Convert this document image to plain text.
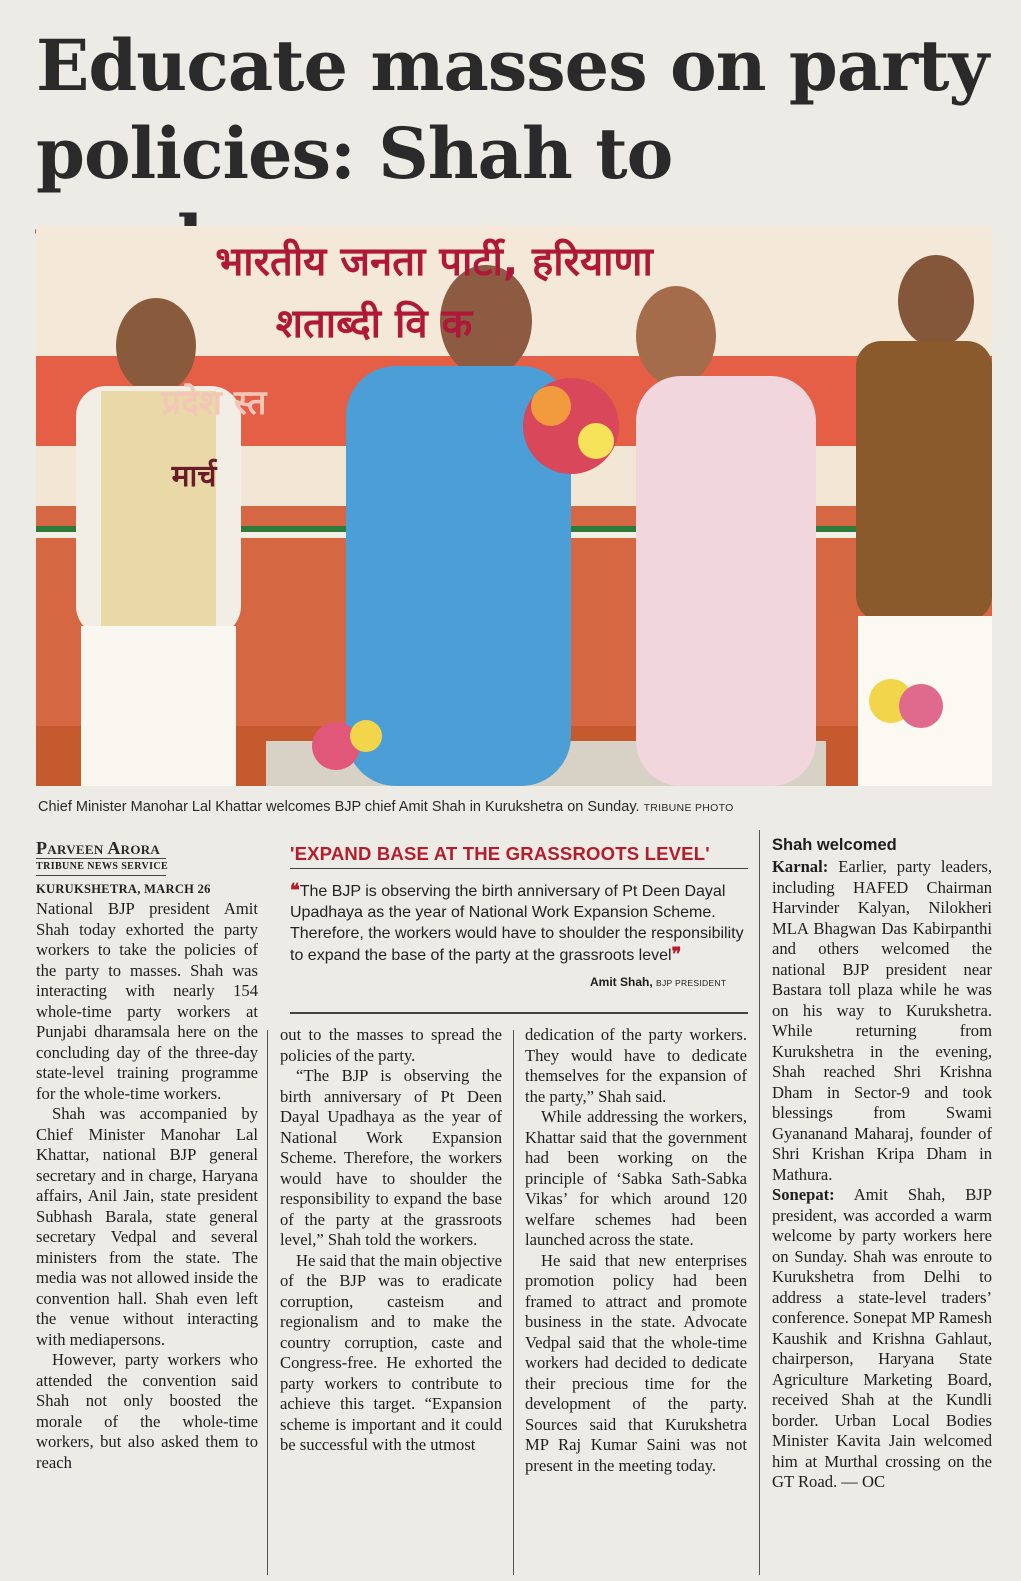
Educate masses on party policies: Shah to
भारतीय जनता पार्टी, हरियाणा
शताब्दी वि क
प्रदेश स्त
मार्च
Chief Minister Manohar Lal Khattar welcomes BJP chief Amit Shah in Kurukshetra on Sunday. TRIBUNE PHOTO
Parveen Arora
TRIBUNE NEWS SERVICE
KURUKSHETRA, MARCH 26

National BJP president Amit Shah today exhorted the party workers to take the policies of the party to masses. Shah was interacting with nearly 154 whole-time party workers at Punjabi dharamsala here on the concluding day of the three-day state-level training programme for the whole-time workers.

Shah was accompanied by Chief Minister Manohar Lal Khattar, national BJP general secretary and in charge, Haryana affairs, Anil Jain, state president Subhash Barala, state general secretary Vedpal and several ministers from the state. The media was not allowed inside the convention hall. Shah even left the venue without interacting with mediapersons.

However, party workers who attended the convention said Shah not only boosted the morale of the whole-time workers, but also asked them to reach

'EXPAND BASE AT THE GRASSROOTS LEVEL'
❝The BJP is observing the birth anniversary of Pt Deen Dayal Upadhaya as the year of National Work Expansion Scheme. Therefore, the workers would have to shoulder the responsibility to expand the base of the party at the grassroots level❞
Amit Shah, BJP PRESIDENT

out to the masses to spread the policies of the party.

“The BJP is observing the birth anniversary of Pt Deen Dayal Upadhaya as the year of National Work Expansion Scheme. Therefore, the workers would have to shoulder the responsibility to expand the base of the party at the grassroots level,” Shah told the workers.

He said that the main objective of the BJP was to eradicate corruption, casteism and regionalism and to make the country corruption, caste and Congress-free. He exhorted the party workers to contribute to achieve this target. “Expansion scheme is important and it could be successful with the utmost

dedication of the party workers. They would have to dedicate themselves for the expansion of the party,” Shah said.

While addressing the workers, Khattar said that the government had been working on the principle of ‘Sabka Sath-Sabka Vikas’ for which around 120 welfare schemes had been launched across the state.

He said that new enterprises promotion policy had been framed to attract and promote business in the state. Advocate Vedpal said that the whole-time workers had decided to dedicate their precious time for the development of the party. Sources said that Kurukshetra MP Raj Kumar Saini was not present in the meeting today.

Shah welcomed

Karnal: Earlier, party leaders, including HAFED Chairman Harvinder Kalyan, Nilokheri MLA Bhagwan Das Kabirpanthi and others welcomed the national BJP president near Bastara toll plaza while he was on his way to Kurukshetra. While returning from Kurukshetra in the evening, Shah reached Shri Krishna Dham in Sector-9 and took blessings from Swami Gyananand Maharaj, founder of Shri Krishan Kripa Dham in Mathura.

Sonepat: Amit Shah, BJP president, was accorded a warm welcome by party workers here on Sunday. Shah was enroute to Kurukshetra from Delhi to address a state-level traders’ conference. Sonepat MP Ramesh Kaushik and Krishna Gahlaut, chairperson, Haryana State Agriculture Marketing Board, received Shah at the Kundli border. Urban Local Bodies Minister Kavita Jain welcomed him at Murthal crossing on the GT Road. — OC
